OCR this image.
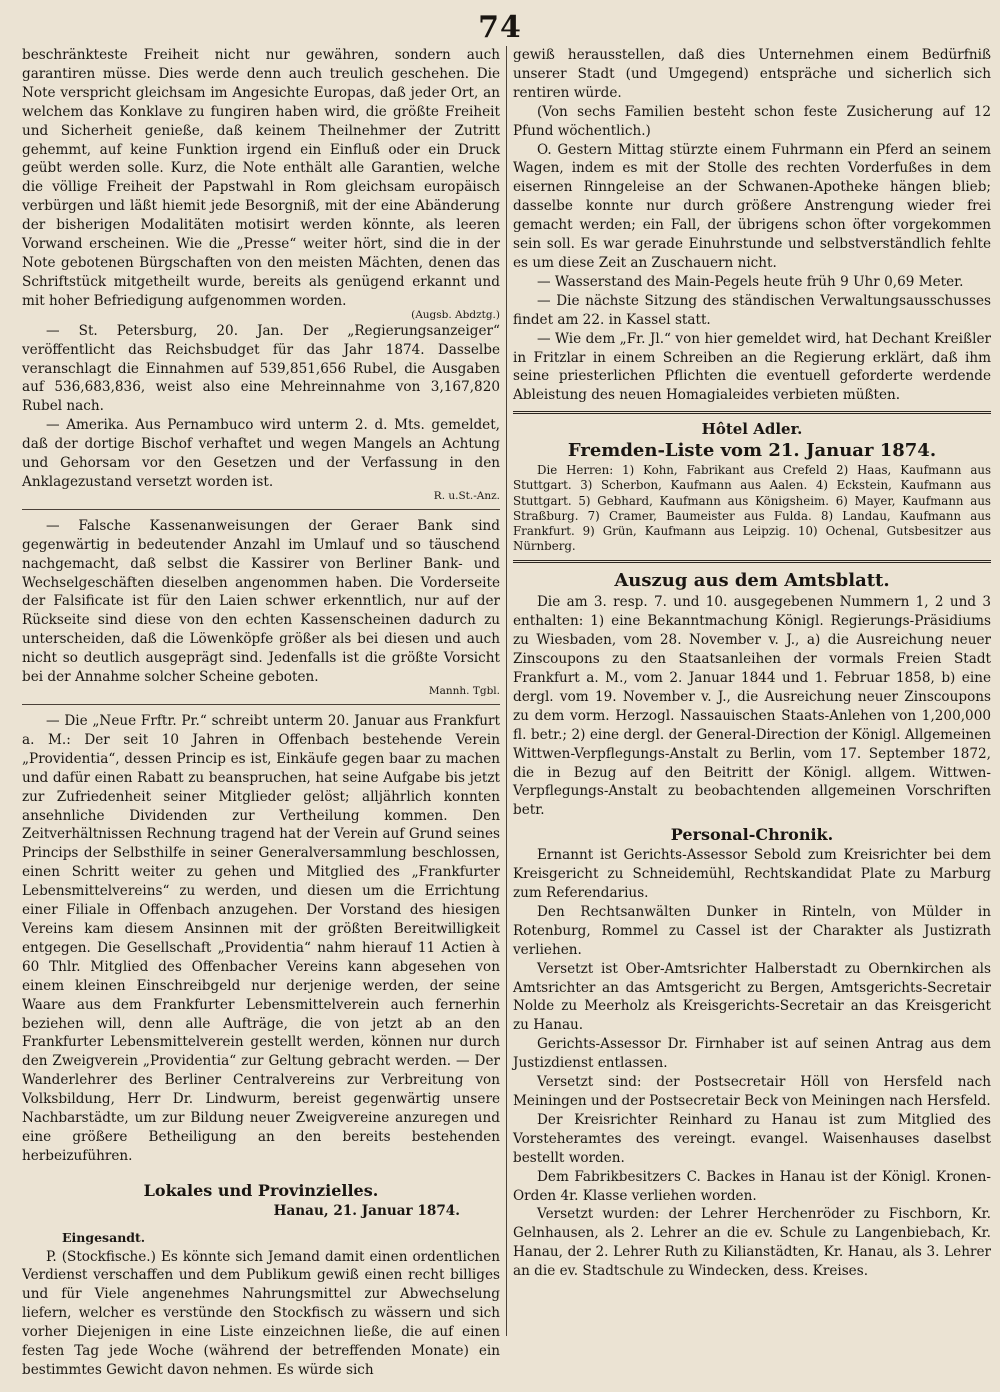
74

beschränkteste Freiheit nicht nur gewähren, sondern auch garantiren müsse. Dies werde denn auch treulich geschehen. Die Note verspricht gleichsam im Angesichte Europas, daß jeder Ort, an welchem das Konklave zu fungiren haben wird, die größte Freiheit und Sicherheit genieße, daß keinem Theilnehmer der Zutritt gehemmt, auf keine Funktion irgend ein Einfluß oder ein Druck geübt werden solle. Kurz, die Note enthält alle Garantien, welche die völlige Freiheit der Papstwahl in Rom gleichsam europäisch verbürgen und läßt hiemit jede Besorgniß, mit der eine Abänderung der bisherigen Modalitäten motisirt werden könnte, als leeren Vorwand erscheinen. Wie die „Presse“ weiter hört, sind die in der Note gebotenen Bürgschaften von den meisten Mächten, denen das Schriftstück mitgetheilt wurde, bereits als genügend erkannt und mit hoher Befriedigung aufgenommen worden.

(Augsb. Abdztg.)

— St. Petersburg, 20. Jan. Der „Regierungsanzeiger“ veröffentlicht das Reichsbudget für das Jahr 1874. Dasselbe veranschlagt die Einnahmen auf 539,851,656 Rubel, die Ausgaben auf 536,683,836, weist also eine Mehreinnahme von 3,167,820 Rubel nach.

— Amerika. Aus Pernambuco wird unterm 2. d. Mts. gemeldet, daß der dortige Bischof verhaftet und wegen Mangels an Achtung und Gehorsam vor den Gesetzen und der Verfassung in den Anklagezustand versetzt worden ist.

R. u.St.-Anz.

— Falsche Kassenanweisungen der Geraer Bank sind gegenwärtig in bedeutender Anzahl im Umlauf und so täuschend nachgemacht, daß selbst die Kassirer von Berliner Bank- und Wechselgeschäften dieselben angenommen haben. Die Vorderseite der Falsificate ist für den Laien schwer erkenntlich, nur auf der Rückseite sind diese von den echten Kassenscheinen dadurch zu unterscheiden, daß die Löwenköpfe größer als bei diesen und auch nicht so deutlich ausgeprägt sind. Jedenfalls ist die größte Vorsicht bei der Annahme solcher Scheine geboten.

Mannh. Tgbl.

— Die „Neue Frftr. Pr.“ schreibt unterm 20. Januar aus Frankfurt a. M.: Der seit 10 Jahren in Offenbach bestehende Verein „Providentia“, dessen Princip es ist, Einkäufe gegen baar zu machen und dafür einen Rabatt zu beanspruchen, hat seine Aufgabe bis jetzt zur Zufriedenheit seiner Mitglieder gelöst; alljährlich konnten ansehnliche Dividenden zur Vertheilung kommen. Den Zeitverhältnissen Rechnung tragend hat der Verein auf Grund seines Princips der Selbsthilfe in seiner Generalversammlung beschlossen, einen Schritt weiter zu gehen und Mitglied des „Frankfurter Lebensmittelvereins“ zu werden, und diesen um die Errichtung einer Filiale in Offenbach anzugehen. Der Vorstand des hiesigen Vereins kam diesem Ansinnen mit der größten Bereitwilligkeit entgegen. Die Gesellschaft „Providentia“ nahm hierauf 11 Actien à 60 Thlr. Mitglied des Offenbacher Vereins kann abgesehen von einem kleinen Einschreibgeld nur derjenige werden, der seine Waare aus dem Frankfurter Lebensmittelverein auch fernerhin beziehen will, denn alle Aufträge, die von jetzt ab an den Frankfurter Lebensmittelverein gestellt werden, können nur durch den Zweigverein „Providentia“ zur Geltung gebracht werden. — Der Wanderlehrer des Berliner Centralvereins zur Verbreitung von Volksbildung, Herr Dr. Lindwurm, bereist gegenwärtig unsere Nachbarstädte, um zur Bildung neuer Zweigvereine anzuregen und eine größere Betheiligung an den bereits bestehenden herbeizuführen.

Lokales und Provinzielles.
Hanau, 21. Januar 1874.
Eingesandt.

P. (Stockfische.) Es könnte sich Jemand damit einen ordentlichen Verdienst verschaffen und dem Publikum gewiß einen recht billiges und für Viele angenehmes Nahrungsmittel zur Abwechselung liefern, welcher es verstünde den Stockfisch zu wässern und sich vorher Diejenigen in eine Liste einzeichnen ließe, die auf einen festen Tag jede Woche (während der betreffenden Monate) ein bestimmtes Gewicht davon nehmen. Es würde sich

gewiß herausstellen, daß dies Unternehmen einem Bedürfniß unserer Stadt (und Umgegend) entspräche und sicherlich sich rentiren würde.

(Von sechs Familien besteht schon feste Zusicherung auf 12 Pfund wöchentlich.)

O. Gestern Mittag stürzte einem Fuhrmann ein Pferd an seinem Wagen, indem es mit der Stolle des rechten Vorderfußes in dem eisernen Rinngeleise an der Schwanen-Apotheke hängen blieb; dasselbe konnte nur durch größere Anstrengung wieder frei gemacht werden; ein Fall, der übrigens schon öfter vorgekommen sein soll. Es war gerade Einuhrstunde und selbstverständlich fehlte es um diese Zeit an Zuschauern nicht.

— Wasserstand des Main-Pegels heute früh 9 Uhr 0,69 Meter.

— Die nächste Sitzung des ständischen Verwaltungsausschusses findet am 22. in Kassel statt.

— Wie dem „Fr. Jl.“ von hier gemeldet wird, hat Dechant Kreißler in Fritzlar in einem Schreiben an die Regierung erklärt, daß ihm seine priesterlichen Pflichten die eventuell geforderte werdende Ableistung des neuen Homagialeides verbieten müßten.

Hôtel Adler.
Fremden-Liste vom 21. Januar 1874.

Die Herren: 1) Kohn, Fabrikant aus Crefeld 2) Haas, Kaufmann aus Stuttgart. 3) Scherbon, Kaufmann aus Aalen. 4) Eckstein, Kaufmann aus Stuttgart. 5) Gebhard, Kaufmann aus Königsheim. 6) Mayer, Kaufmann aus Straßburg. 7) Cramer, Baumeister aus Fulda. 8) Landau, Kaufmann aus Frankfurt. 9) Grün, Kaufmann aus Leipzig. 10) Ochenal, Gutsbesitzer aus Nürnberg.

Auszug aus dem Amtsblatt.

Die am 3. resp. 7. und 10. ausgegebenen Nummern 1, 2 und 3 enthalten: 1) eine Bekanntmachung Königl. Regierungs-Präsidiums zu Wiesbaden, vom 28. November v. J., a) die Ausreichung neuer Zinscoupons zu den Staatsanleihen der vormals Freien Stadt Frankfurt a. M., vom 2. Januar 1844 und 1. Februar 1858, b) eine dergl. vom 19. November v. J., die Ausreichung neuer Zinscoupons zu dem vorm. Herzogl. Nassauischen Staats-Anlehen von 1,200,000 fl. betr.; 2) eine dergl. der General-Direction der Königl. Allgemeinen Wittwen-Verpflegungs-Anstalt zu Berlin, vom 17. September 1872, die in Bezug auf den Beitritt der Königl. allgem. Wittwen-Verpflegungs-Anstalt zu beobachtenden allgemeinen Vorschriften betr.

Personal-Chronik.

Ernannt ist Gerichts-Assessor Sebold zum Kreisrichter bei dem Kreisgericht zu Schneidemühl, Rechtskandidat Plate zu Marburg zum Referendarius.

Den Rechtsanwälten Dunker in Rinteln, von Mülder in Rotenburg, Rommel zu Cassel ist der Charakter als Justizrath verliehen.

Versetzt ist Ober-Amtsrichter Halberstadt zu Obernkirchen als Amtsrichter an das Amtsgericht zu Bergen, Amtsgerichts-Secretair Nolde zu Meerholz als Kreisgerichts-Secretair an das Kreisgericht zu Hanau.

Gerichts-Assessor Dr. Firnhaber ist auf seinen Antrag aus dem Justizdienst entlassen.

Versetzt sind: der Postsecretair Höll von Hersfeld nach Meiningen und der Postsecretair Beck von Meiningen nach Hersfeld.

Der Kreisrichter Reinhard zu Hanau ist zum Mitglied des Vorsteheramtes des vereingt. evangel. Waisenhauses daselbst bestellt worden.

Dem Fabrikbesitzers C. Backes in Hanau ist der Königl. Kronen-Orden 4r. Klasse verliehen worden.

Versetzt wurden: der Lehrer Herchenröder zu Fischborn, Kr. Gelnhausen, als 2. Lehrer an die ev. Schule zu Langenbiebach, Kr. Hanau, der 2. Lehrer Ruth zu Kilianstädten, Kr. Hanau, als 3. Lehrer an die ev. Stadtschule zu Windecken, dess. Kreises.
